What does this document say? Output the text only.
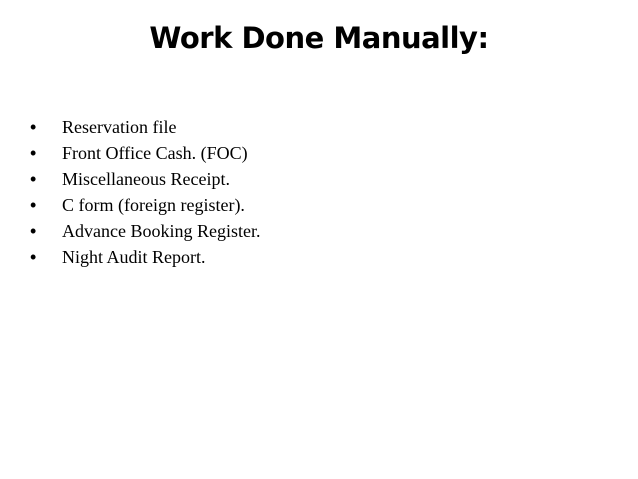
Work Done Manually:
•	Reservation file
•	Front Office Cash. (FOC)
•	Miscellaneous Receipt.
•	C form (foreign register).
•	Advance Booking Register.
•	Night Audit Report.
